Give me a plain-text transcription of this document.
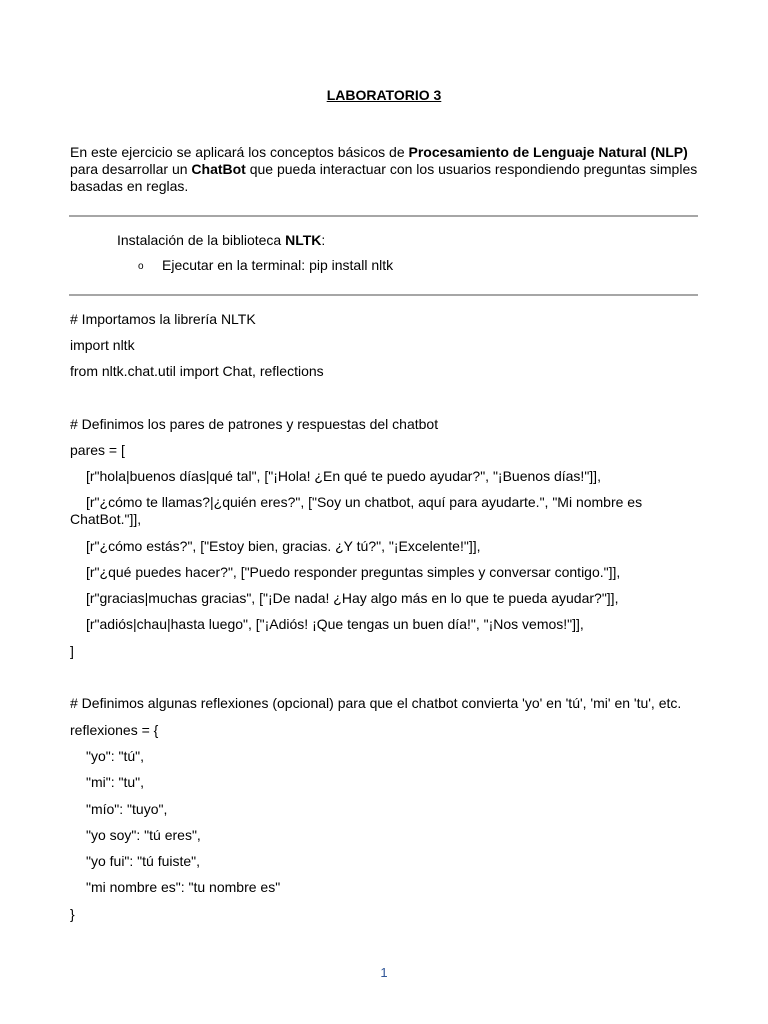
LABORATORIO 3
En este ejercicio se aplicará los conceptos básicos de Procesamiento de Lenguaje Natural (NLP) para desarrollar un ChatBot que pueda interactuar con los usuarios respondiendo preguntas simples basadas en reglas.
Instalación de la biblioteca NLTK:
o Ejecutar en la terminal: pip install nltk
# Importamos la librería NLTK
import nltk
from nltk.chat.util import Chat, reflections
# Definimos los pares de patrones y respuestas del chatbot
pares = [
[r"hola|buenos días|qué tal", ["¡Hola! ¿En qué te puedo ayudar?", "¡Buenos días!"]],
[r"¿cómo te llamas?|¿quién eres?", ["Soy un chatbot, aquí para ayudarte.", "Mi nombre es ChatBot."]],
[r"¿cómo estás?", ["Estoy bien, gracias. ¿Y tú?", "¡Excelente!"]],
[r"¿qué puedes hacer?", ["Puedo responder preguntas simples y conversar contigo."]],
[r"gracias|muchas gracias", ["¡De nada! ¿Hay algo más en lo que te pueda ayudar?"]],
[r"adiós|chau|hasta luego", ["¡Adiós! ¡Que tengas un buen día!", "¡Nos vemos!"]],
]
# Definimos algunas reflexiones (opcional) para que el chatbot convierta 'yo' en 'tú', 'mi' en 'tu', etc.
reflexiones = {
"yo": "tú",
"mi": "tu",
"mío": "tuyo",
"yo soy": "tú eres",
"yo fui": "tú fuiste",
"mi nombre es": "tu nombre es"
}
1
